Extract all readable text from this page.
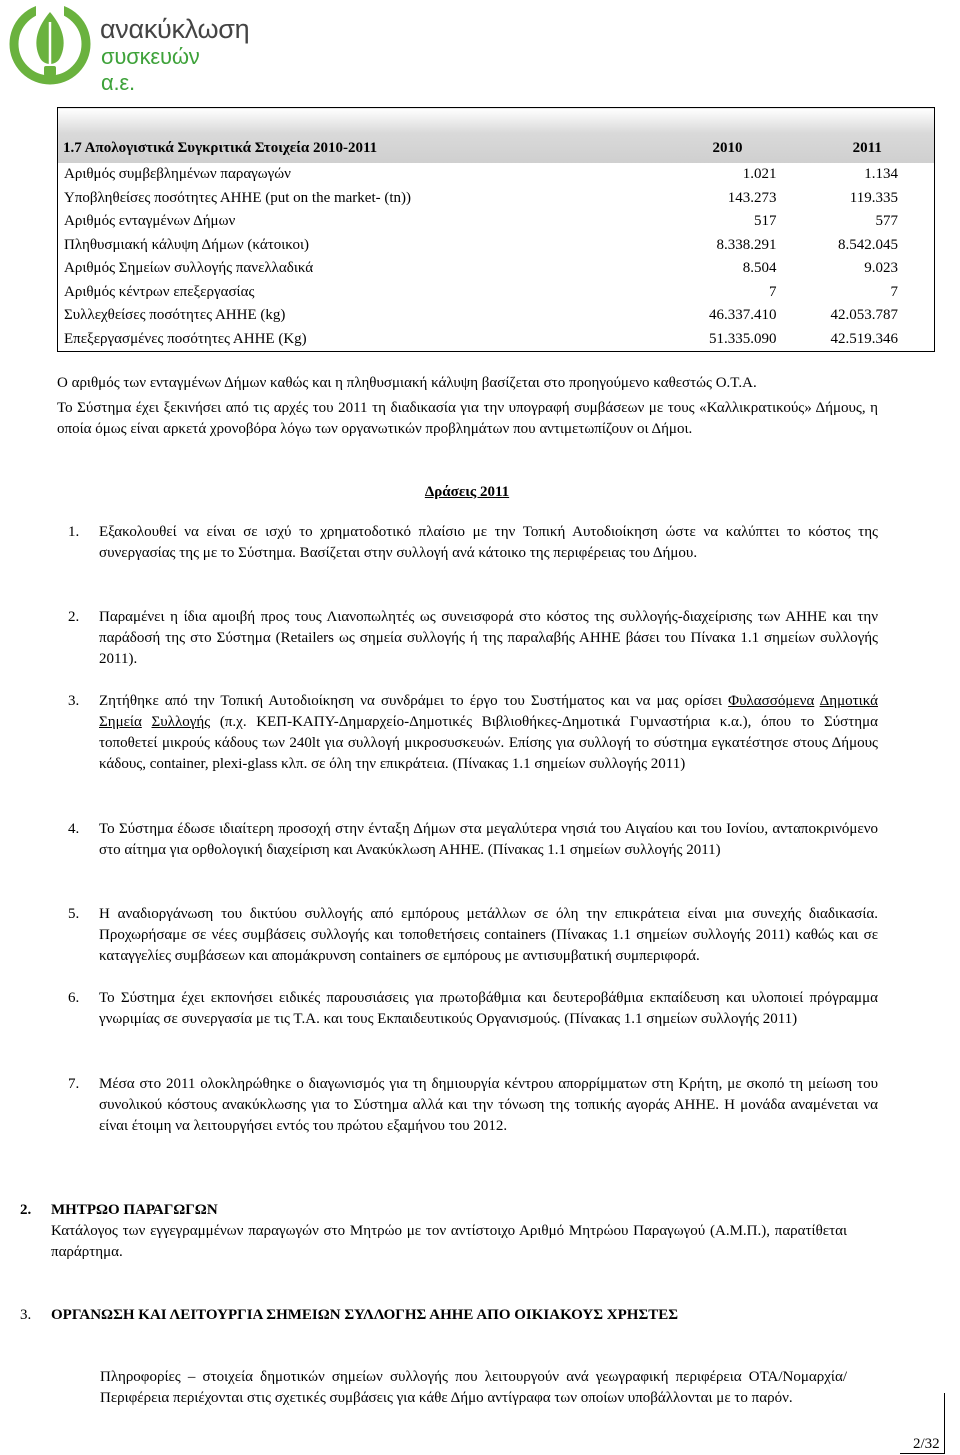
ανακύκλωση
συσκευών α.ε.
1.7 Απολογιστικά Συγκριτικά Στοιχεία 2010-2011	2010	2011
Αριθμός συμβεβλημένων παραγωγών	1.021	1.134
Υποβληθείσες ποσότητες ΑΗΗΕ (put on the market- (tn))	143.273	119.335
Αριθμός ενταγμένων Δήμων	517	577
Πληθυσμιακή κάλυψη Δήμων (κάτοικοι)	8.338.291	8.542.045
Αριθμός Σημείων συλλογής πανελλαδικά	8.504	9.023
Αριθμός κέντρων επεξεργασίας	7	7
Συλλεχθείσες ποσότητες ΑΗΗΕ (kg)	46.337.410	42.053.787
Επεξεργασμένες ποσότητες ΑΗΗΕ (Kg)	51.335.090	42.519.346
Ο αριθμός των ενταγμένων Δήμων καθώς και η πληθυσμιακή κάλυψη βασίζεται στο προηγούμενο καθεστώς Ο.Τ.Α.
Το Σύστημα έχει ξεκινήσει από τις αρχές του 2011 τη διαδικασία για την υπογραφή συμβάσεων με τους «Καλλικρατικούς» Δήμους, η οποία όμως είναι αρκετά χρονοβόρα λόγω των οργανωτικών προβλημάτων που αντιμετωπίζουν οι Δήμοι.
Δράσεις 2011
1. Εξακολουθεί να είναι σε ισχύ το χρηματοδοτικό πλαίσιο με την Τοπική Αυτοδιοίκηση ώστε να καλύπτει το κόστος της συνεργασίας της με το Σύστημα. Βασίζεται στην συλλογή ανά κάτοικο της περιφέρειας του Δήμου.
2. Παραμένει η ίδια αμοιβή προς τους Λιανοπωλητές ως συνεισφορά στο κόστος της συλλογής-διαχείρισης των ΑΗΗΕ και την παράδοσή της στο Σύστημα (Retailers ως σημεία συλλογής ή της παραλαβής ΑΗΗΕ βάσει του Πίνακα 1.1 σημείων συλλογής 2011).
3. Ζητήθηκε από την Τοπική Αυτοδιοίκηση να συνδράμει το έργο του Συστήματος και να μας ορίσει Φυλασσόμενα Δημοτικά Σημεία Συλλογής (π.χ. ΚΕΠ-ΚΑΠΥ-Δημαρχείο-Δημοτικές Βιβλιοθήκες-Δημοτικά Γυμναστήρια κ.α.), όπου το Σύστημα τοποθετεί μικρούς κάδους των 240lt για συλλογή μικροσυσκευών. Επίσης για συλλογή το σύστημα εγκατέστησε στους Δήμους κάδους, container, plexi-glass κλπ. σε όλη την επικράτεια. (Πίνακας 1.1 σημείων συλλογής 2011)
4. Το Σύστημα έδωσε ιδιαίτερη προσοχή στην ένταξη Δήμων στα μεγαλύτερα νησιά του Αιγαίου και του Ιονίου, ανταποκρινόμενο στο αίτημα για ορθολογική διαχείριση και Ανακύκλωση ΑΗΗΕ. (Πίνακας 1.1 σημείων συλλογής 2011)
5. Η αναδιοργάνωση του δικτύου συλλογής από εμπόρους μετάλλων σε όλη την επικράτεια είναι μια συνεχής διαδικασία. Προχωρήσαμε σε νέες συμβάσεις συλλογής και τοποθετήσεις containers (Πίνακας 1.1 σημείων συλλογής 2011) καθώς και σε καταγγελίες συμβάσεων και απομάκρυνση containers σε εμπόρους με αντισυμβατική συμπεριφορά.
6. Το Σύστημα έχει εκπονήσει ειδικές παρουσιάσεις για πρωτοβάθμια και δευτεροβάθμια εκπαίδευση και υλοποιεί πρόγραμμα γνωριμίας σε συνεργασία με τις Τ.Α. και τους Εκπαιδευτικούς Οργανισμούς. (Πίνακας 1.1 σημείων συλλογής 2011)
7. Μέσα στο 2011 ολοκληρώθηκε ο διαγωνισμός για τη δημιουργία κέντρου απορρίμματων στη Κρήτη, με σκοπό τη μείωση του συνολικού κόστους ανακύκλωσης για το Σύστημα αλλά και την τόνωση της τοπικής αγοράς ΑΗΗΕ. Η μονάδα αναμένεται να είναι έτοιμη να λειτουργήσει εντός του πρώτου εξαμήνου του 2012.
2. ΜΗΤΡΩΟ ΠΑΡΑΓΩΓΩΝ
Κατάλογος των εγγεγραμμένων παραγωγών στο Μητρώο με τον αντίστοιχο Αριθμό Μητρώου Παραγωγού (Α.Μ.Π.), παρατίθεται παράρτημα.
3. ΟΡΓΑΝΩΣΗ ΚΑΙ ΛΕΙΤΟΥΡΓΙΑ ΣΗΜΕΙΩΝ ΣΥΛΛΟΓΗΣ ΑΗΗΕ ΑΠΟ ΟΙΚΙΑΚΟΥΣ ΧΡΗΣΤΕΣ
Πληροφορίες – στοιχεία δημοτικών σημείων συλλογής που λειτουργούν ανά γεωγραφική περιφέρεια ΟΤΑ/Νομαρχία/Περιφέρεια περιέχονται στις σχετικές συμβάσεις για κάθε Δήμο αντίγραφα των οποίων υποβάλλονται με το παρόν.
2/32
